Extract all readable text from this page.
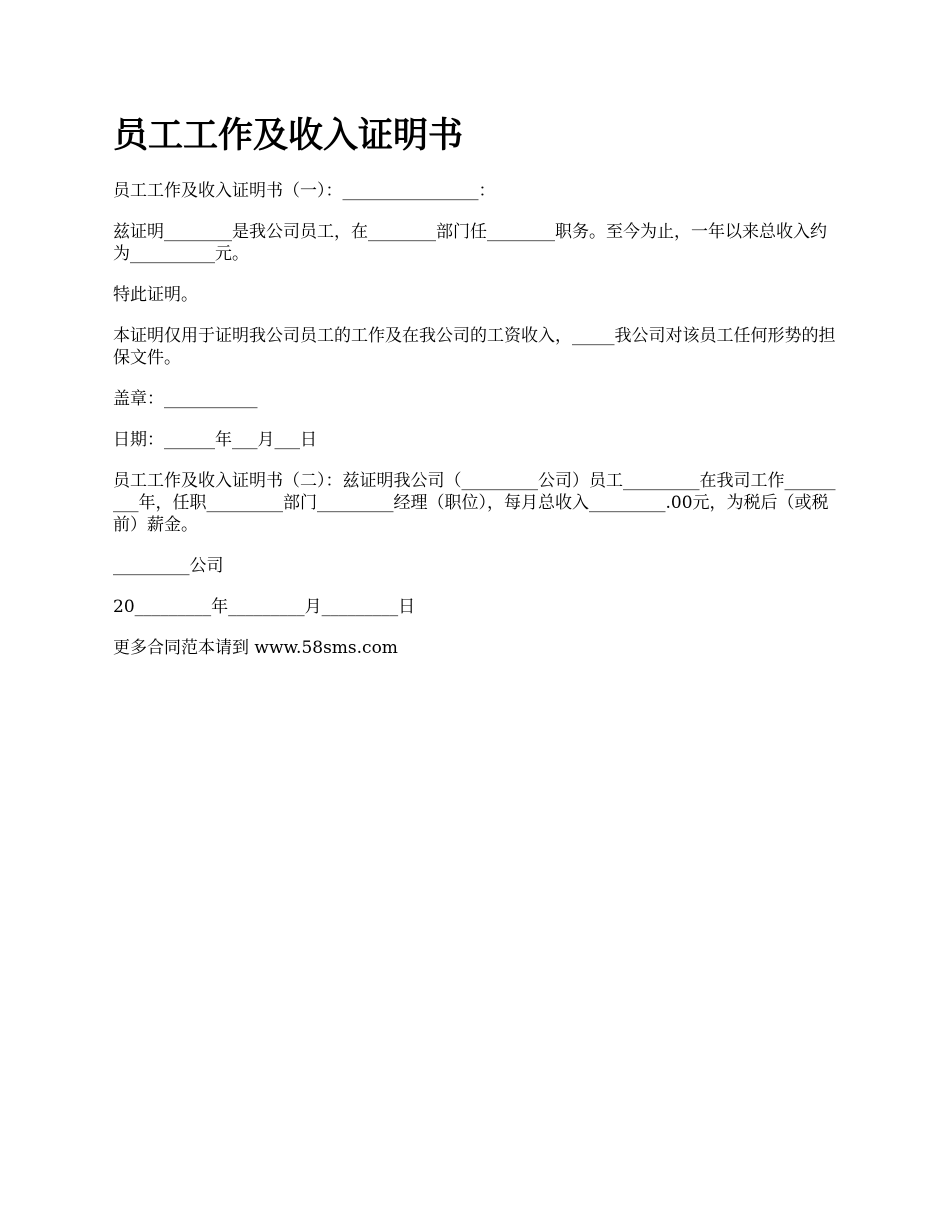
员工工作及收入证明书

员工工作及收入证明书（一）：________________：

兹证明________是我公司员工，在________部门任________职务。至今为止，一年以来总收入约为__________元。

特此证明。

本证明仅用于证明我公司员工的工作及在我公司的工资收入，_____我公司对该员工任何形势的担保文件。

盖章：___________

日期：______年___月___日

员工工作及收入证明书（二）：兹证明我公司（_________公司）员工_________在我司工作_________年，任职_________部门_________经理（职位），每月总收入_________.00元，为税后（或税前）薪金。

_________公司

20_________年_________月_________日

更多合同范本请到 www.58sms.com
